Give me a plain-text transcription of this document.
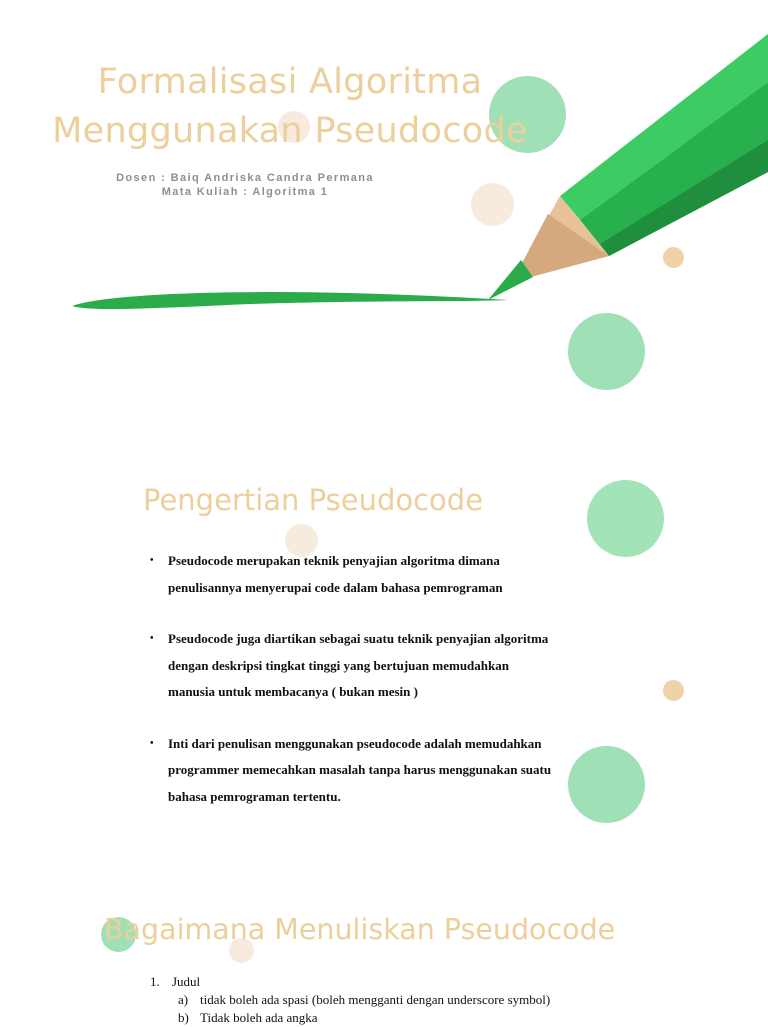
Formalisasi Algoritma
Menggunakan Pseudocode
Dosen : Baiq Andriska Candra Permana
Mata Kuliah : Algoritma 1
Pengertian Pseudocode
• Pseudocode merupakan teknik penyajian algoritma dimana
penulisannya menyerupai code dalam bahasa pemrograman
• Pseudocode juga diartikan sebagai suatu teknik penyajian algoritma
dengan deskripsi tingkat tinggi yang bertujuan memudahkan
manusia untuk membacanya ( bukan mesin )
• Inti dari penulisan menggunakan pseudocode adalah memudahkan
programmer memecahkan masalah tanpa harus menggunakan suatu
bahasa pemrograman tertentu.
Bagaimana Menuliskan Pseudocode
1. Judul
a) tidak boleh ada spasi (boleh mengganti dengan underscore symbol)
b) Tidak boleh ada angka
